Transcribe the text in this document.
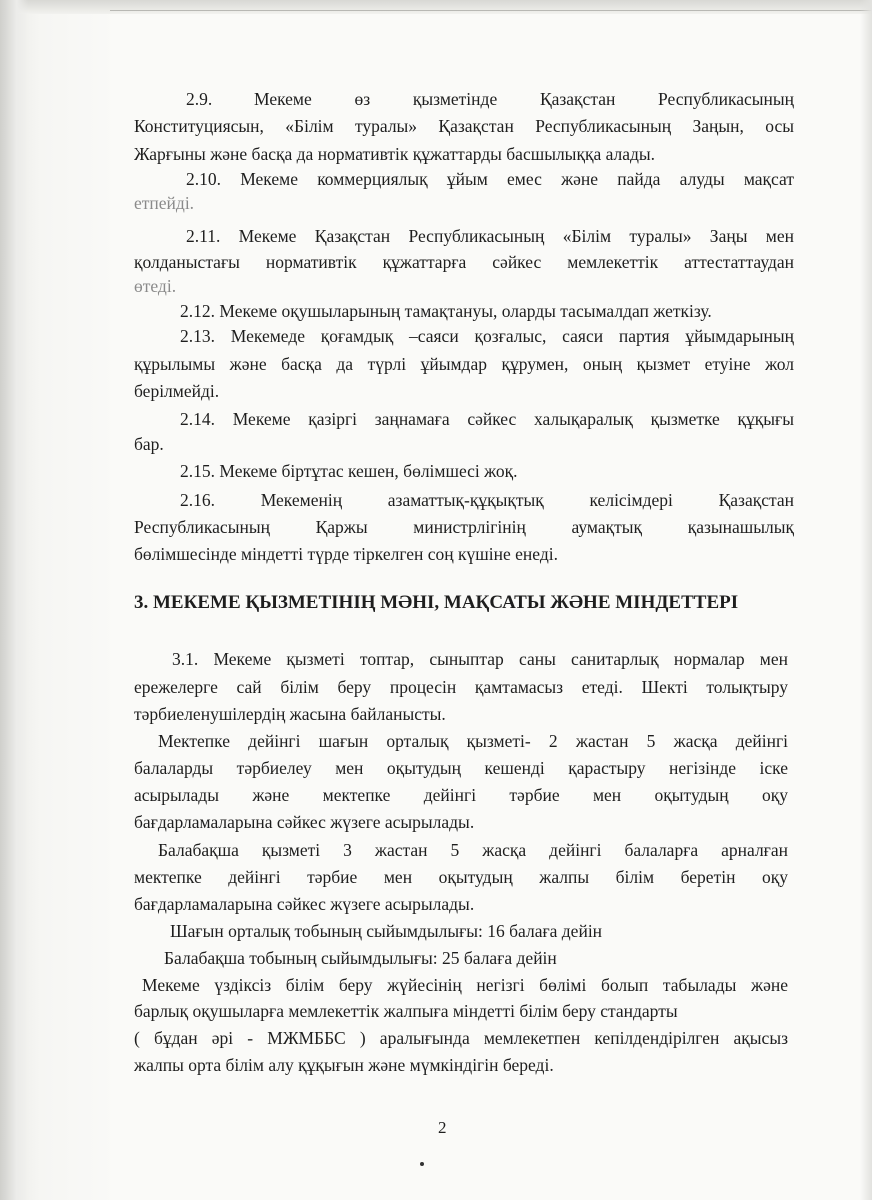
2.9. Мекеме өз қызметінде Қазақстан Республикасының
Конституциясын, «Білім туралы» Қазақстан Республикасының Заңын, осы
Жарғыны және басқа да нормативтік құжаттарды басшылыққа алады.
2.10. Мекеме коммерциялық ұйым емес және пайда алуды мақсат
етпейді.
2.11. Мекеме Қазақстан Республикасының «Білім туралы» Заңы мен
қолданыстағы нормативтік құжаттарға сәйкес мемлекеттік аттестаттаудан
өтеді.
2.12. Мекеме оқушыларының тамақтануы, оларды тасымалдап жеткізу.
2.13. Мекемеде қоғамдық –саяси қозғалыс, саяси партия ұйымдарының
құрылымы және басқа да түрлі ұйымдар құрумен, оның қызмет етуіне жол
берілмейді.
2.14. Мекеме қазіргі заңнамаға сәйкес халықаралық қызметке құқығы
бар.
2.15. Мекеме біртұтас кешен, бөлімшесі жоқ.
2.16. Мекеменің азаматтық-құқықтық келісімдері Қазақстан
Республикасының Қаржы министрлігінің аумақтық қазынашылық
бөлімшесінде міндетті түрде тіркелген соң күшіне енеді.
3. МЕКЕМЕ ҚЫЗМЕТІНІҢ МӘНІ, МАҚСАТЫ ЖӘНЕ МІНДЕТТЕРІ
3.1. Мекеме қызметі топтар, сыныптар саны санитарлық нормалар мен
ережелерге сай білім беру процесін қамтамасыз етеді. Шекті толықтыру
тәрбиеленушілердің жасына байланысты.
Мектепке дейінгі шағын орталық қызметі- 2 жастан 5 жасқа дейінгі
балаларды тәрбиелеу мен оқытудың кешенді қарастыру негізінде іске
асырылады және мектепке дейінгі тәрбие мен оқытудың оқу
бағдарламаларына сәйкес жүзеге асырылады.
Балабақша қызметі 3 жастан 5 жасқа дейінгі балаларға арналған
мектепке дейінгі тәрбие мен оқытудың жалпы білім беретін оқу
бағдарламаларына сәйкес жүзеге асырылады.
Шағын орталық тобының сыйымдылығы: 16 балаға дейін
Балабақша тобының сыйымдылығы: 25 балаға дейін
Мекеме үздіксіз білім беру жүйесінің негізгі бөлімі болып табылады және
барлық оқушыларға мемлекеттік жалпыға міндетті білім беру стандарты
( бұдан әрі - МЖМББС ) аралығында мемлекетпен кепілдендірілген ақысыз
жалпы орта білім алу құқығын және мүмкіндігін береді.
2
